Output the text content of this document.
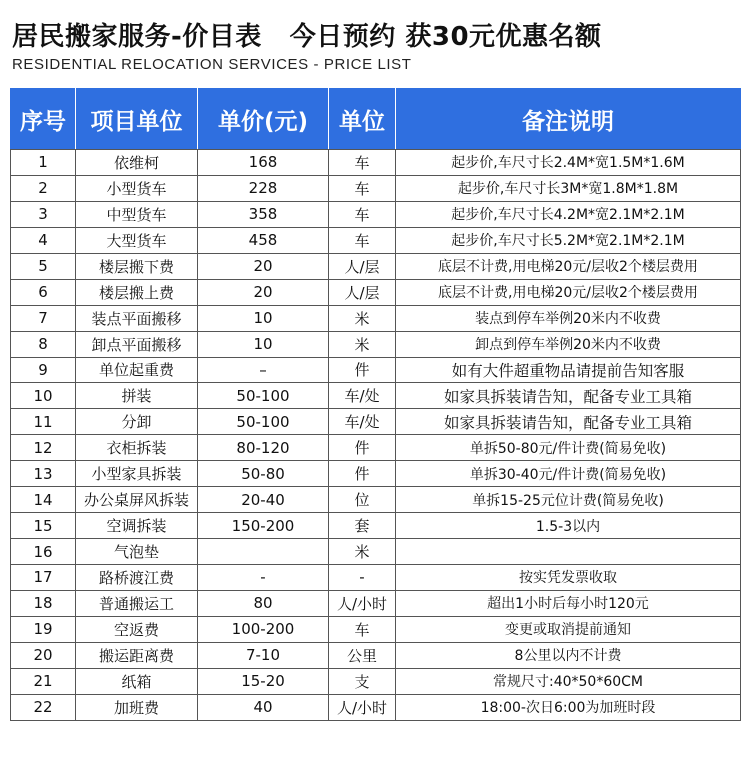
居民搬家服务-价目表 今日预约 获30元优惠名额
RESIDENTIAL RELOCATION SERVICES - PRICE LIST
序号	项目单位	单价(元)	单位	备注说明
1	依维柯	168	车	起步价,车尺寸长2.4M*宽1.5M*1.6M
2	小型货车	228	车	起步价,车尺寸长3M*宽1.8M*1.8M
3	中型货车	358	车	起步价,车尺寸长4.2M*宽2.1M*2.1M
4	大型货车	458	车	起步价,车尺寸长5.2M*宽2.1M*2.1M
5	楼层搬下费	20	人/层	底层不计费,用电梯20元/层收2个楼层费用
6	楼层搬上费	20	人/层	底层不计费,用电梯20元/层收2个楼层费用
7	装点平面搬移	10	米	装点到停车举例20米内不收费
8	卸点平面搬移	10	米	卸点到停车举例20米内不收费
9	单位起重费	–	件	如有大件超重物品请提前告知客服
10	拼装	50-100	车/处	如家具拆装请告知，配备专业工具箱
11	分卸	50-100	车/处	如家具拆装请告知，配备专业工具箱
12	衣柜拆装	80-120	件	单拆50-80元/件计费(简易免收)
13	小型家具拆装	50-80	件	单拆30-40元/件计费(简易免收)
14	办公桌屏风拆装	20-40	位	单拆15-25元位计费(简易免收)
15	空调拆装	150-200	套	1.5-3以内
16	气泡垫		米	
17	路桥渡江费	-	-	按实凭发票收取
18	普通搬运工	80	人/小时	超出1小时后每小时120元
19	空返费	100-200	车	变更或取消提前通知
20	搬运距离费	7-10	公里	8公里以内不计费
21	纸箱	15-20	支	常规尺寸:40*50*60CM
22	加班费	40	人/小时	18:00-次日6:00为加班时段
